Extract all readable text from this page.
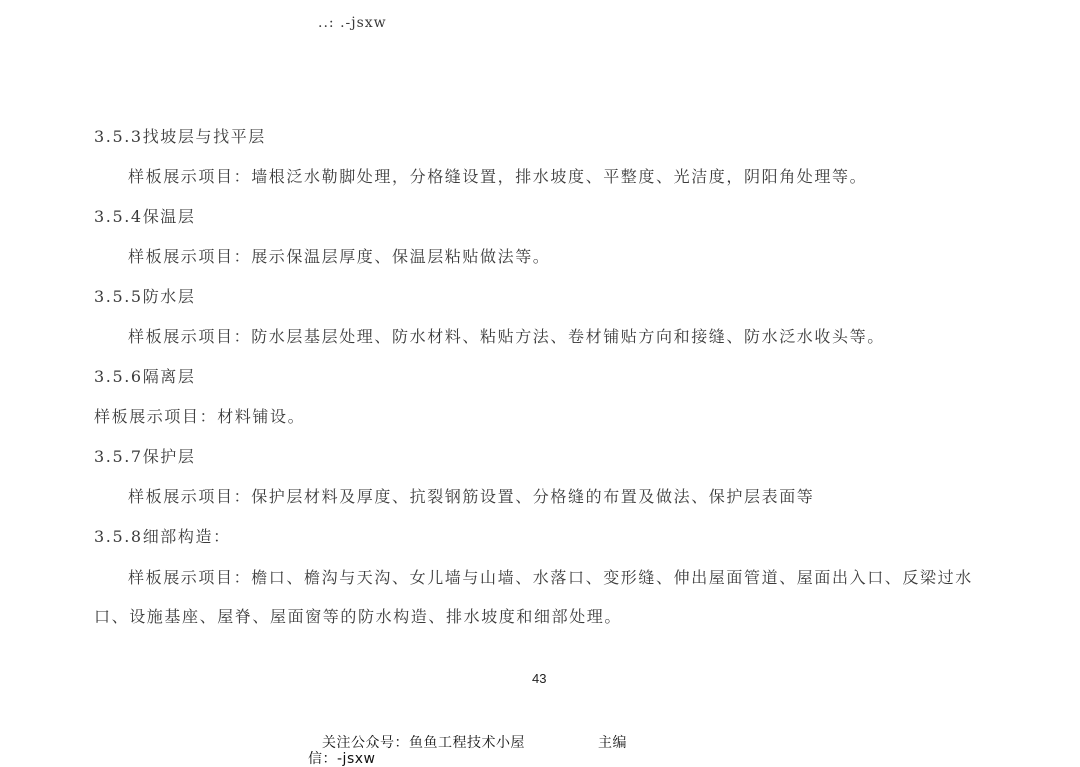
..: .-jsxw
3.5.3找坡层与找平层
样板展示项目：墙根泛水勒脚处理，分格缝设置，排水坡度、平整度、光洁度，阴阳角处理等。
3.5.4保温层
样板展示项目：展示保温层厚度、保温层粘贴做法等。
3.5.5防水层
样板展示项目：防水层基层处理、防水材料、粘贴方法、卷材铺贴方向和接缝、防水泛水收头等。
3.5.6隔离层
样板展示项目：材料铺设。
3.5.7保护层
样板展示项目：保护层材料及厚度、抗裂钢筋设置、分格缝的布置及做法、保护层表面等
3.5.8细部构造：
样板展示项目：檐口、檐沟与天沟、女儿墙与山墙、水落口、变形缝、伸出屋面管道、屋面出入口、反梁过水
口、设施基座、屋脊、屋面窗等的防水构造、排水坡度和细部处理。
43
关注公众号：鱼鱼工程技术小屋	主编
信：-jsxw
